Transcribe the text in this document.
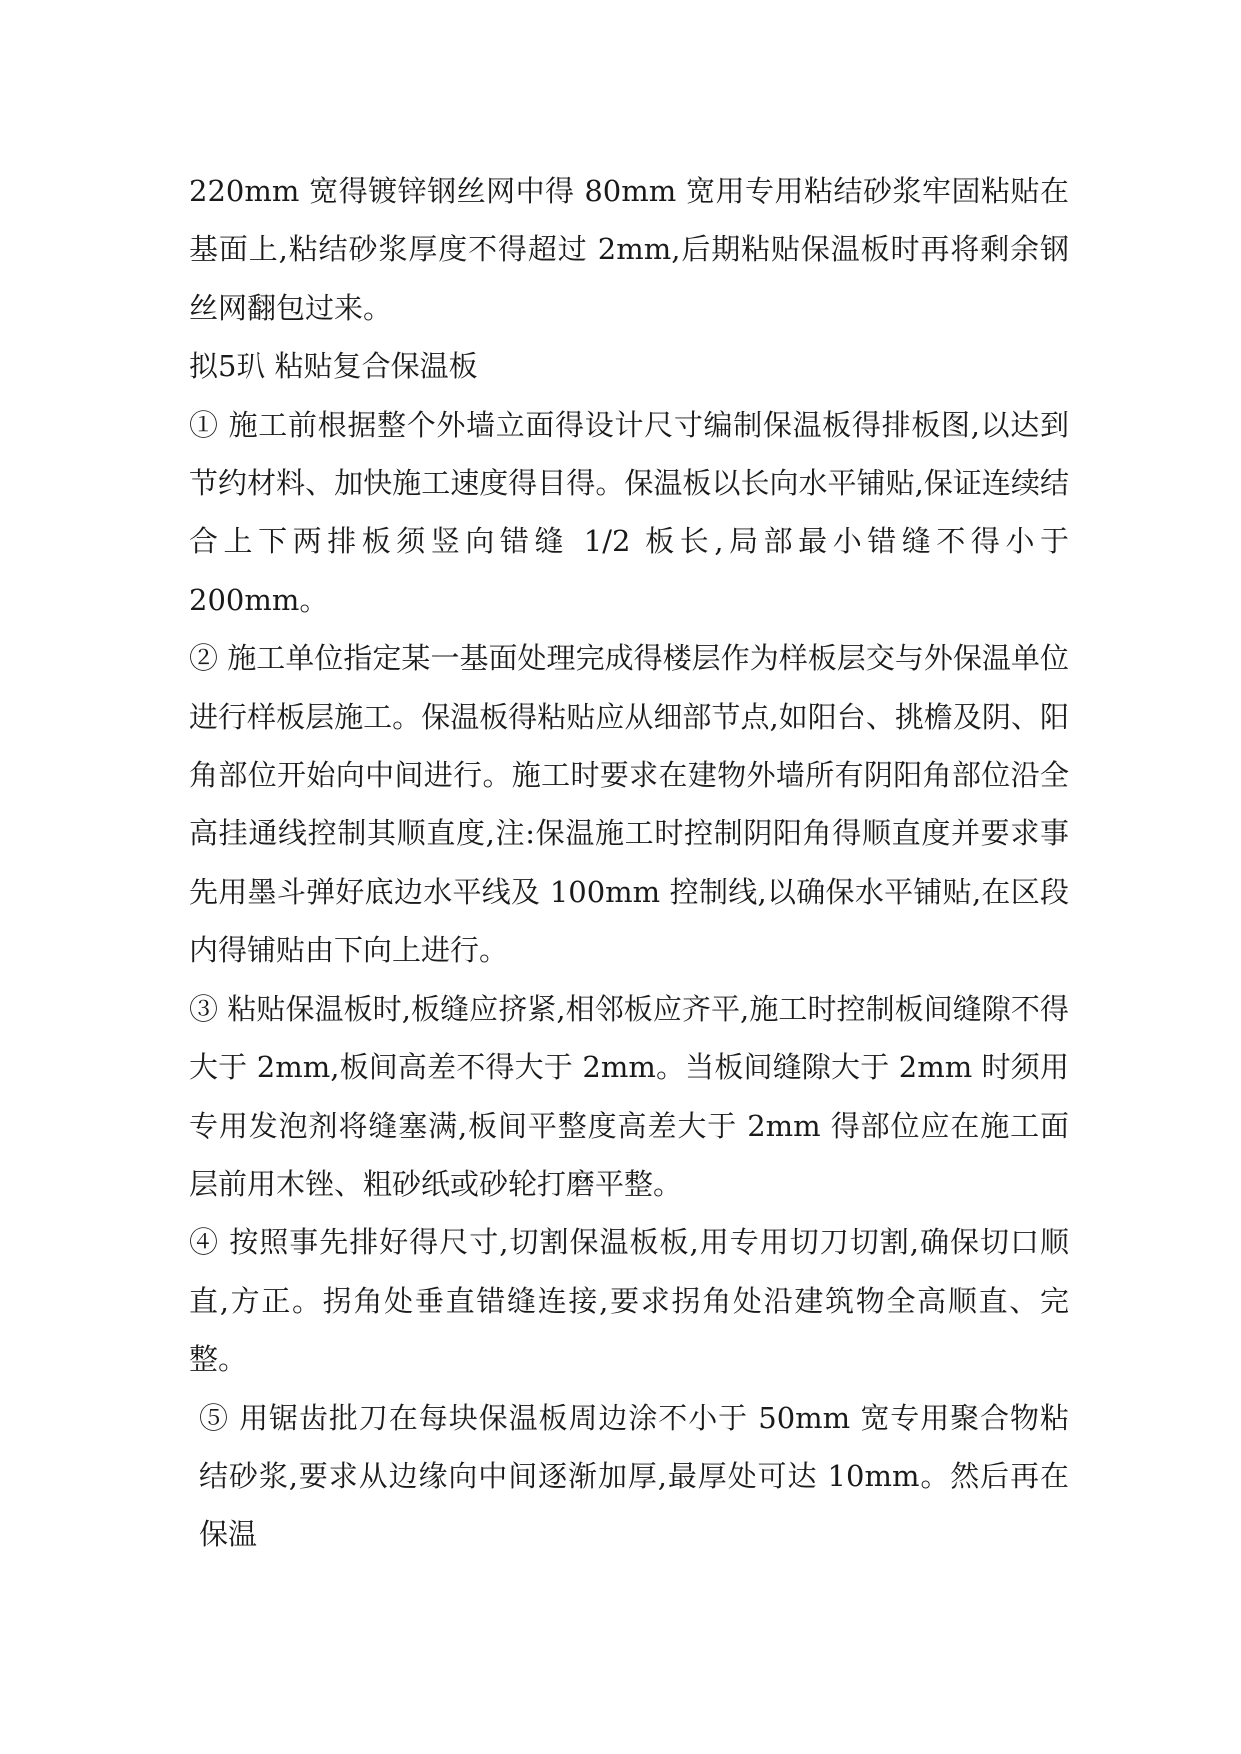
220mm 宽得镀锌钢丝网中得 80mm 宽用专用粘结砂浆牢固粘贴在基面上,粘结砂浆厚度不得超过 2mm,后期粘贴保温板时再将剩余钢丝网翻包过来。

拟5玐 粘贴复合保温板

① 施工前根据整个外墙立面得设计尺寸编制保温板得排板图,以达到节约材料、加快施工速度得目得。保温板以长向水平铺贴,保证连续结合上下两排板须竖向错缝 1/2 板长,局部最小错缝不得小于 200mm。

② 施工单位指定某一基面处理完成得楼层作为样板层交与外保温单位进行样板层施工。保温板得粘贴应从细部节点,如阳台、挑檐及阴、阳角部位开始向中间进行。施工时要求在建物外墙所有阴阳角部位沿全高挂通线控制其顺直度,注:保温施工时控制阴阳角得顺直度并要求事先用墨斗弹好底边水平线及 100mm 控制线,以确保水平铺贴,在区段内得铺贴由下向上进行。

③ 粘贴保温板时,板缝应挤紧,相邻板应齐平,施工时控制板间缝隙不得大于 2mm,板间高差不得大于 2mm。当板间缝隙大于 2mm 时须用专用发泡剂将缝塞满,板间平整度高差大于 2mm 得部位应在施工面层前用木锉、粗砂纸或砂轮打磨平整。

④ 按照事先排好得尺寸,切割保温板板,用专用切刀切割,确保切口顺直,方正。拐角处垂直错缝连接,要求拐角处沿建筑物全高顺直、完整。

⑤ 用锯齿批刀在每块保温板周边涂不小于 50mm 宽专用聚合物粘结砂浆,要求从边缘向中间逐渐加厚,最厚处可达 10mm。然后再在保温
